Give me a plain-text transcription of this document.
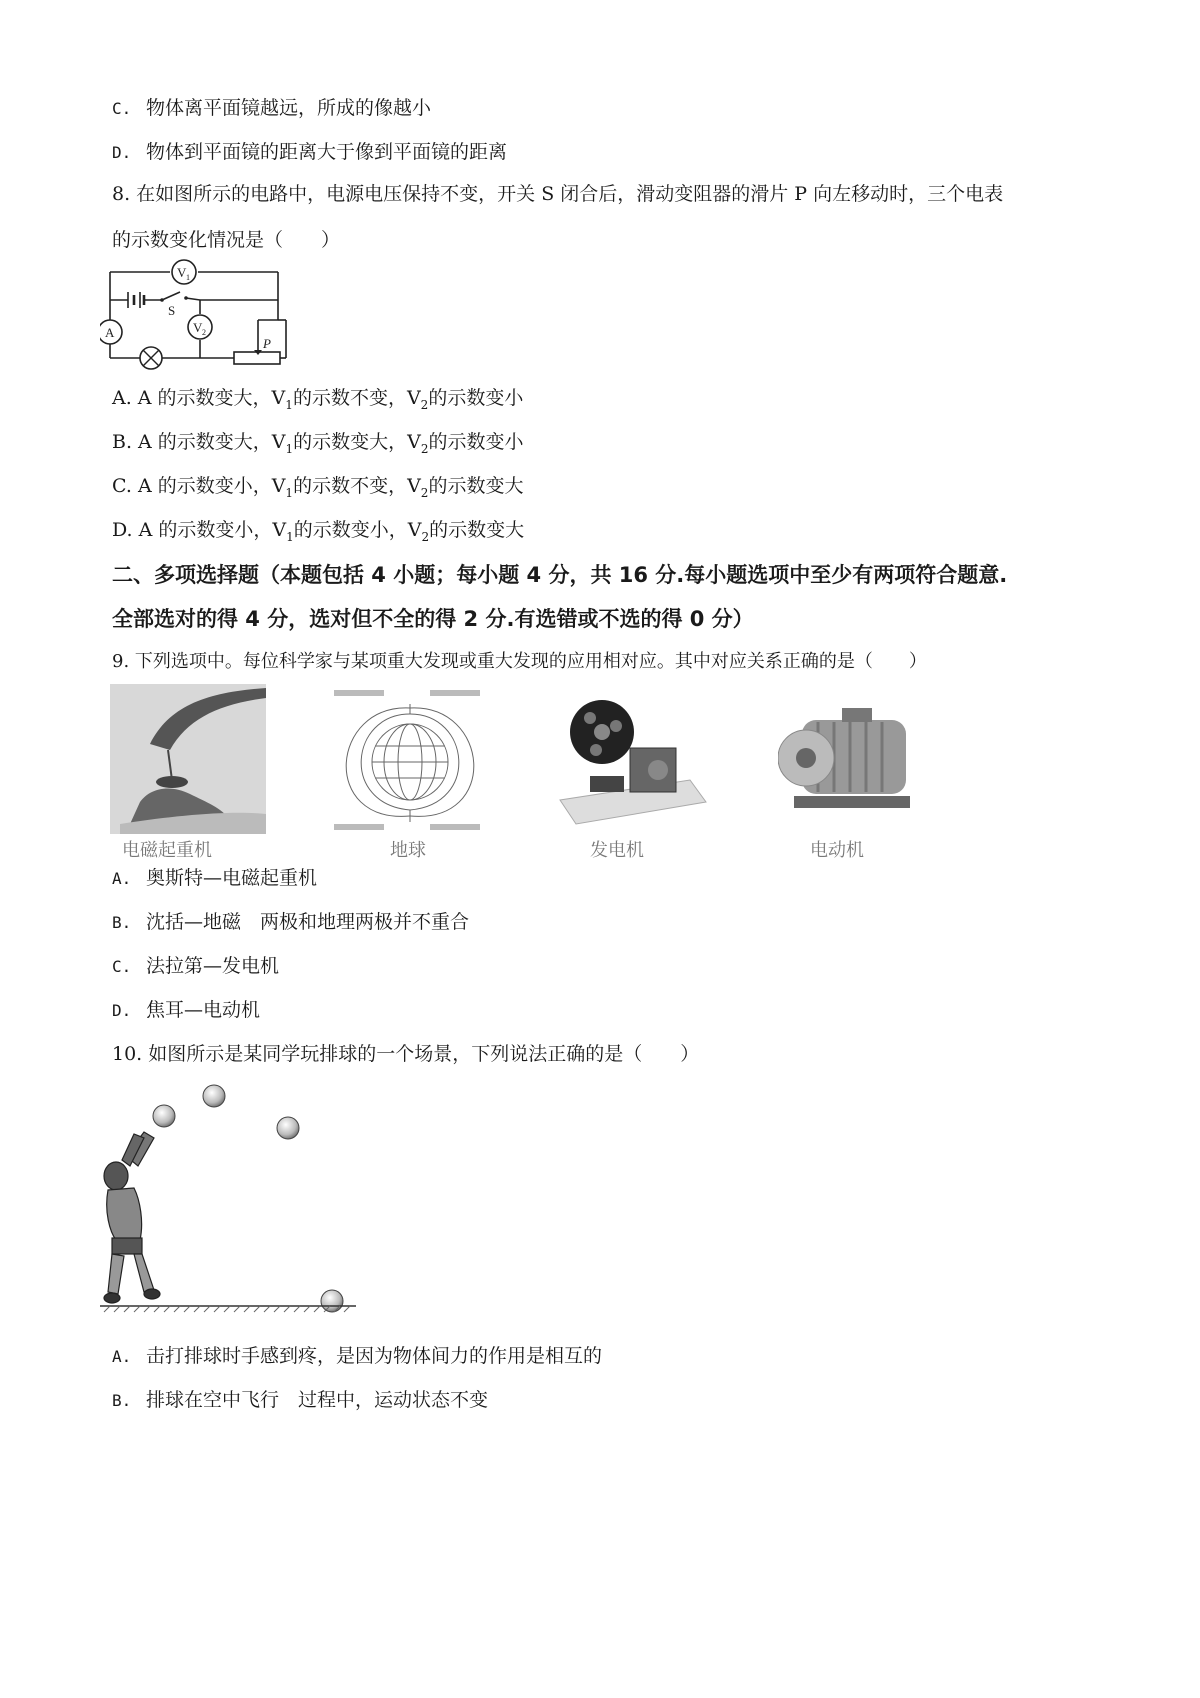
C. 物体离平面镜越远，所成的像越小
D. 物体到平面镜的距离大于像到平面镜的距离
8. 在如图所示的电路中，电源电压保持不变，开关 S 闭合后，滑动变阻器的滑片 P 向左移动时，三个电表
的示数变化情况是（　　）
V 1
V 2
A
S
P
A. A 的示数变大，$V_1$的示数不变，$V_2$的示数变小
B. A 的示数变大，$V_1$的示数变大，$V_2$的示数变小
C. A 的示数变小，$V_1$的示数不变，$V_2$的示数变大
D. A 的示数变小，$V_1$的示数变小，$V_2$的示数变大
二、多项选择题（本题包括 4 小题；每小题 4 分，共 16 分.每小题选项中至少有两项符合题意.
全部选对的得 4 分，选对但不全的得 2 分.有选错或不选的得 0 分）
9. 下列选项中。每位科学家与某项重大发现或重大发现的应用相对应。其中对应关系正确的是（　　）
电磁起重机	地球	发电机	电动机
A. 奥斯特—电磁起重机
B. 沈括—地磁　两极和地理两极并不重合
C. 法拉第—发电机
D. 焦耳—电动机
10. 如图所示是某同学玩排球的一个场景，下列说法正确的是（　　）
A. 击打排球时手感到疼，是因为物体间力的作用是相互的
B. 排球在空中飞行　过程中，运动状态不变
